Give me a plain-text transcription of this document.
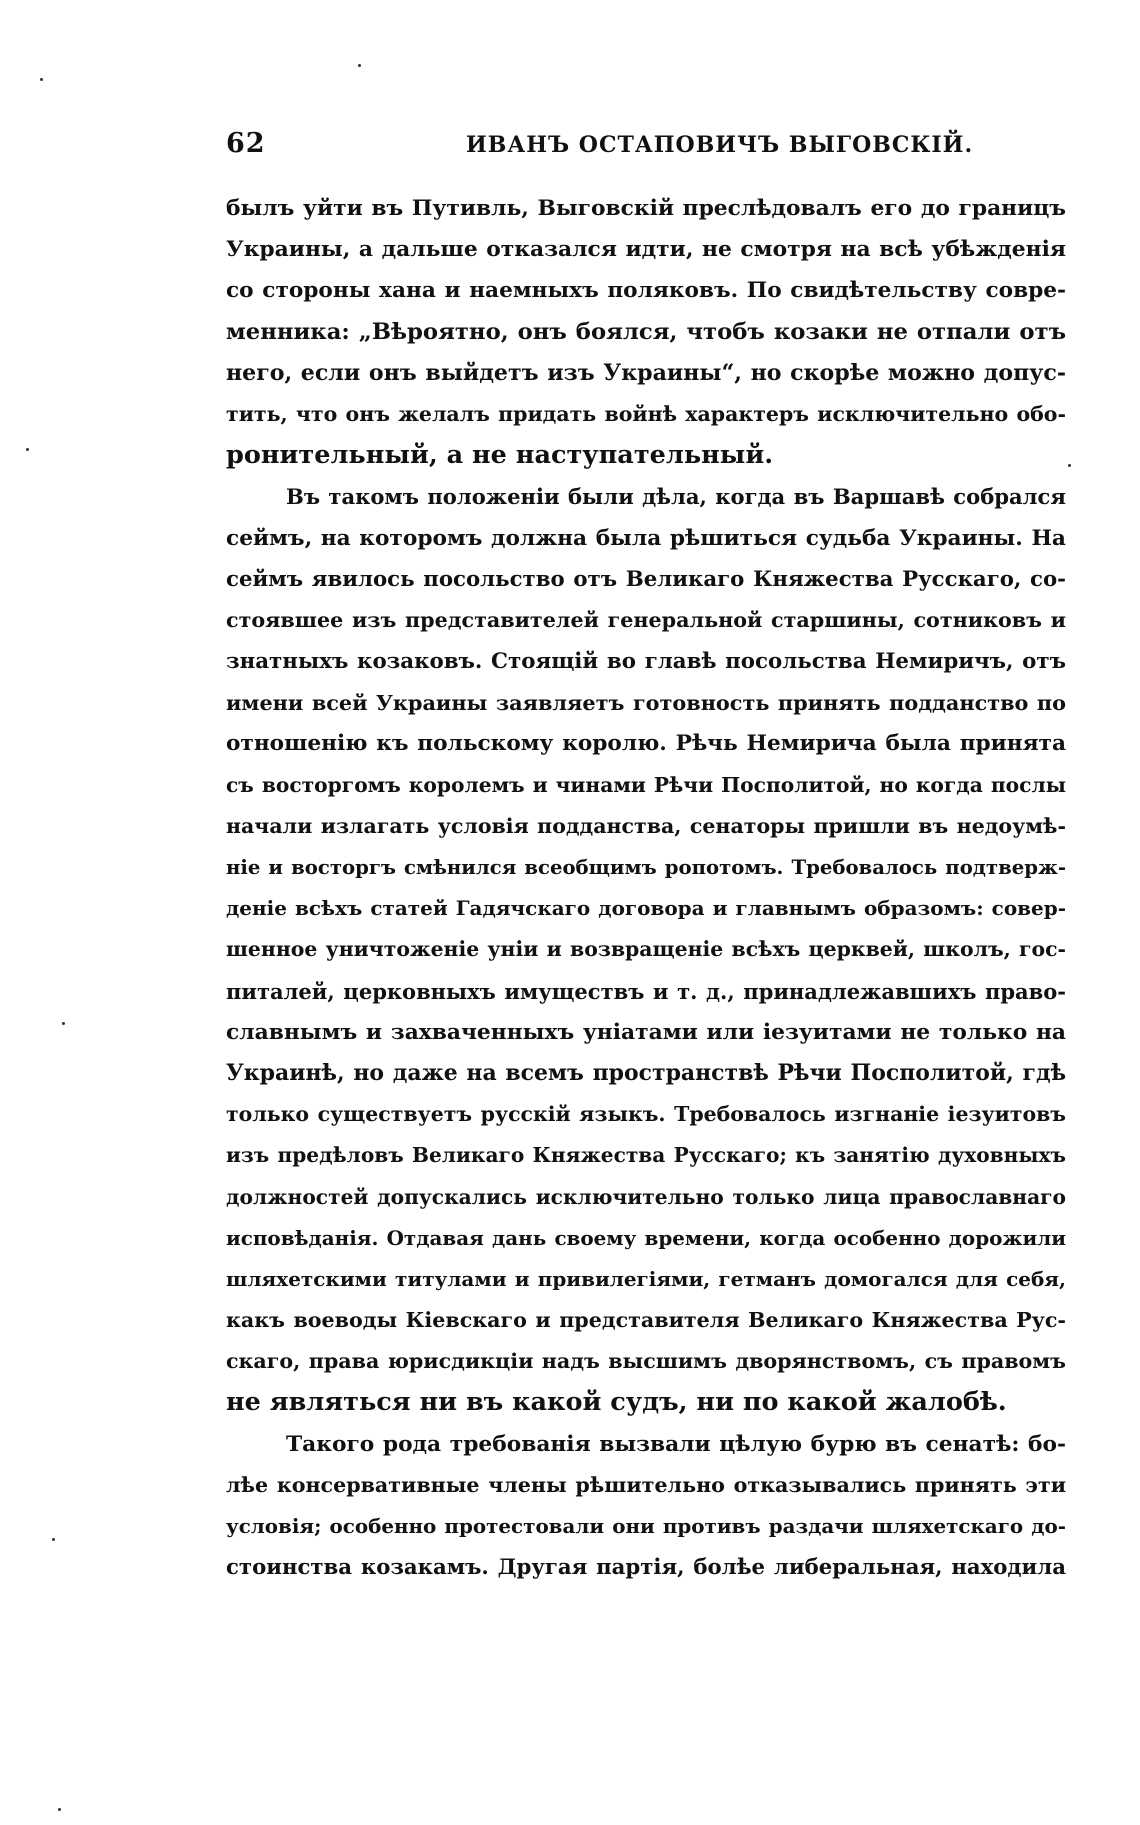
62	ИВАНЪ ОСТАПОВИЧЪ ВЫГОВСКІЙ.
былъ уйти въ Путивль, Выговскій преслѣдовалъ его до границъ
Украины, а дальше отказался идти, не смотря на всѣ убѣжденія
со стороны хана и наемныхъ поляковъ. По свидѣтельству совре-
менника: „Вѣроятно, онъ боялся, чтобъ козаки не отпали отъ
него, если онъ выйдетъ изъ Украины“, но скорѣе можно допус-
тить, что онъ желалъ придать войнѣ характеръ исключительно обо-
ронительный, а не наступательный.
Въ такомъ положеніи были дѣла, когда въ Варшавѣ собрался
сеймъ, на которомъ должна была рѣшиться судьба Украины. На
сеймъ явилось посольство отъ Великаго Княжества Русскаго, со-
стоявшее изъ представителей генеральной старшины, сотниковъ и
знатныхъ козаковъ. Стоящій во главѣ посольства Немиричъ, отъ
имени всей Украины заявляетъ готовность принять подданство по
отношенію къ польскому королю. Рѣчь Немирича была принята
съ восторгомъ королемъ и чинами Рѣчи Посполитой, но когда послы
начали излагать условія подданства, сенаторы пришли въ недоумѣ-
ніе и восторгъ смѣнился всеобщимъ ропотомъ. Требовалось подтверж-
деніе всѣхъ статей Гадячскаго договора и главнымъ образомъ: совер-
шенное уничтоженіе уніи и возвращеніе всѣхъ церквей, школъ, гос-
питалей, церковныхъ имуществъ и т. д., принадлежавшихъ право-
славнымъ и захваченныхъ уніатами или іезуитами не только на
Украинѣ, но даже на всемъ пространствѣ Рѣчи Посполитой, гдѣ
только существуетъ русскій языкъ. Требовалось изгнаніе іезуитовъ
изъ предѣловъ Великаго Княжества Русскаго; къ занятію духовныхъ
должностей допускались исключительно только лица православнаго
исповѣданія. Отдавая дань своему времени, когда особенно дорожили
шляхетскими титулами и привилегіями, гетманъ домогался для себя,
какъ воеводы Кіевскаго и представителя Великаго Княжества Рус-
скаго, права юрисдикціи надъ высшимъ дворянствомъ, съ правомъ
не являться ни въ какой судъ, ни по какой жалобѣ.
Такого рода требованія вызвали цѣлую бурю въ сенатѣ: бо-
лѣе консервативные члены рѣшительно отказывались принять эти
условія; особенно протестовали они противъ раздачи шляхетскаго до-
стоинства козакамъ. Другая партія, болѣе либеральная, находила
